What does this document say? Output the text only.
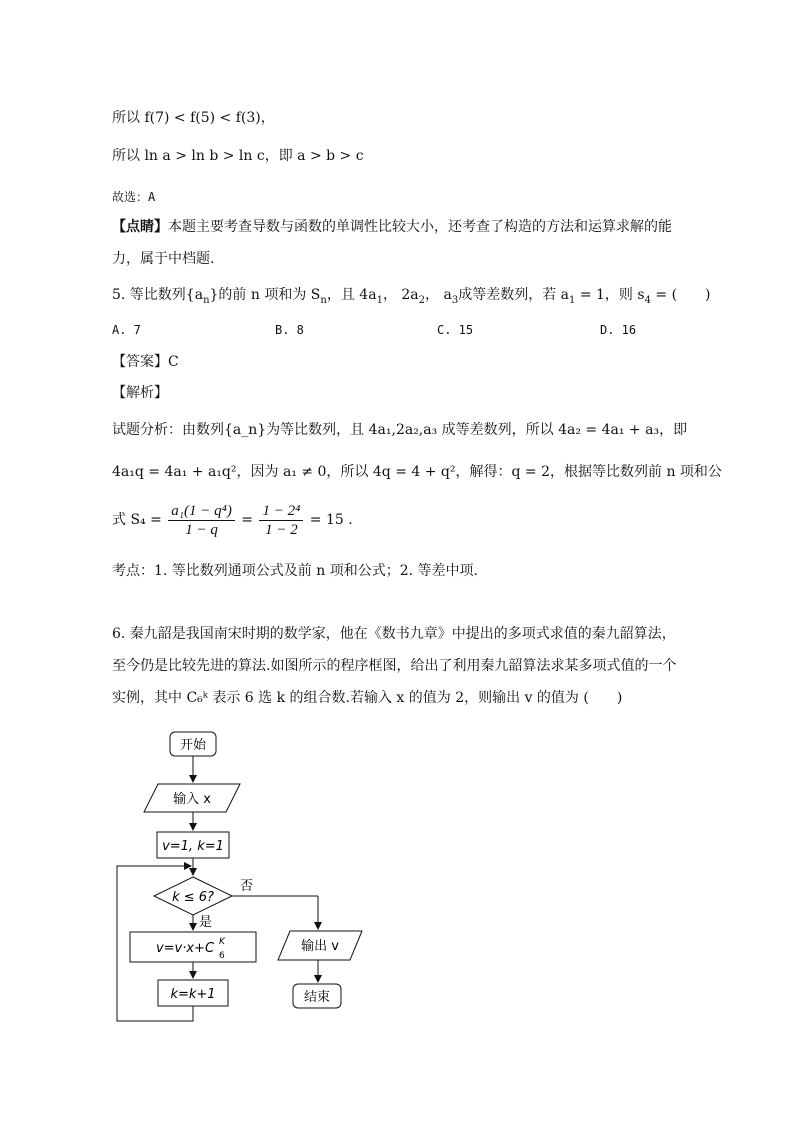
所以 f(7) < f(5) < f(3)，
所以 ln a > ln b > ln c，即 a > b > c
故选：A
【点睛】本题主要考查导数与函数的单调性比较大小，还考查了构造的方法和运算求解的能
力，属于中档题.
5. 等比数列$\{a_n\}$的前 n 项和为 $S_n$，且 $4a_1$， $2a_2$， $a_3$成等差数列，若 $a_1 = 1$，则 $s_4$ = (　　)
A. 7	B. 8	C. 15	D. 16
【答案】C
【解析】
试题分析：由数列{a_n}为等比数列，且 4a₁,2a₂,a₃ 成等差数列，所以 4a₂ = 4a₁ + a₃，即
4a₁q = 4a₁ + a₁q²，因为 a₁ ≠ 0，所以 4q = 4 + q²，解得：q = 2，根据等比数列前 n 项和公
式 $S_4 = \frac{\text{a₁(1 − q⁴)}}{1 - q} = \frac{\text{1 − 2⁴}}{1 - 2} = 15$ .
考点：1. 等比数列通项公式及前 n 项和公式；2. 等差中项.
6. 秦九韶是我国南宋时期的数学家，他在《数书九章》中提出的多项式求值的秦九韶算法，
至今仍是比较先进的算法.如图所示的程序框图，给出了利用秦九韶算法求某多项式值的一个
实例，其中 C₆ᵏ 表示 6 选 k 的组合数.若输入 x 的值为 2，则输出 v 的值为 (　　)
开始
输入 x
v=1, k=1
k ≤ 6?
否
是
v=v·x+C K
6
k=k+1
输出 v
结束
